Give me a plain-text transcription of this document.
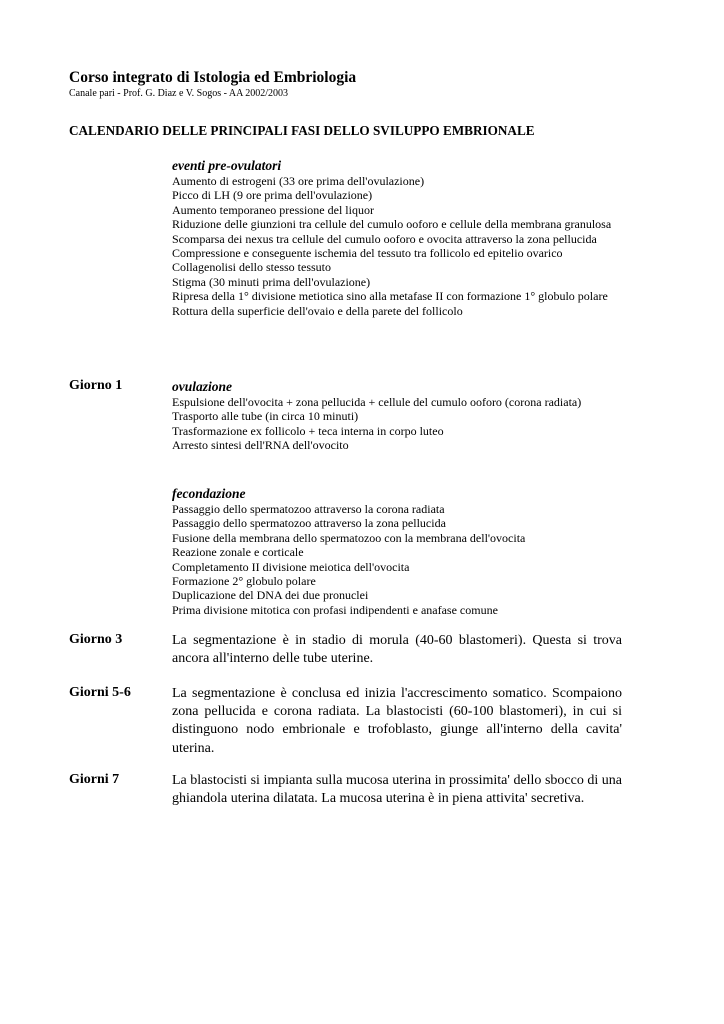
Corso integrato di Istologia ed Embriologia
Canale pari - Prof. G. Diaz e V. Sogos - AA 2002/2003
CALENDARIO DELLE PRINCIPALI FASI DELLO SVILUPPO EMBRIONALE
eventi pre-ovulatori
Aumento di estrogeni (33 ore prima dell'ovulazione)
Picco di LH (9 ore prima dell'ovulazione)
Aumento temporaneo pressione del liquor
Riduzione delle giunzioni tra cellule del cumulo ooforo e cellule della membrana granulosa
Scomparsa dei nexus tra cellule del cumulo ooforo e ovocita attraverso la zona pellucida
Compressione e conseguente ischemia del tessuto tra follicolo ed epitelio ovarico
Collagenolisi dello stesso tessuto
Stigma (30 minuti prima dell'ovulazione)
Ripresa della 1° divisione metiotica sino alla metafase II con formazione 1° globulo polare
Rottura della superficie dell'ovaio e della parete del follicolo
Giorno 1	ovulazione
Espulsione dell'ovocita + zona pellucida + cellule del cumulo ooforo (corona radiata)
Trasporto alle tube (in circa 10 minuti)
Trasformazione ex follicolo + teca interna in corpo luteo
Arresto sintesi dell'RNA dell'ovocito
fecondazione
Passaggio dello spermatozoo attraverso la corona radiata
Passaggio dello spermatozoo attraverso la zona pellucida
Fusione della membrana dello spermatozoo con la membrana dell'ovocita
Reazione zonale e corticale
Completamento II divisione meiotica dell'ovocita
Formazione 2° globulo polare
Duplicazione del DNA dei due pronuclei
Prima divisione mitotica con profasi indipendenti e anafase comune
Giorno 3	La segmentazione è in stadio di morula (40-60 blastomeri). Questa si trova ancora all'interno delle tube uterine.
Giorni 5-6	La segmentazione è conclusa ed inizia l'accrescimento somatico. Scompaiono zona pellucida e corona radiata. La blastocisti (60-100 blastomeri), in cui si distinguono nodo embrionale e trofoblasto, giunge all'interno della cavita' uterina.
Giorni 7	La blastocisti si impianta sulla mucosa uterina in prossimita' dello sbocco di una ghiandola uterina dilatata. La mucosa uterina è in piena attivita' secretiva.
